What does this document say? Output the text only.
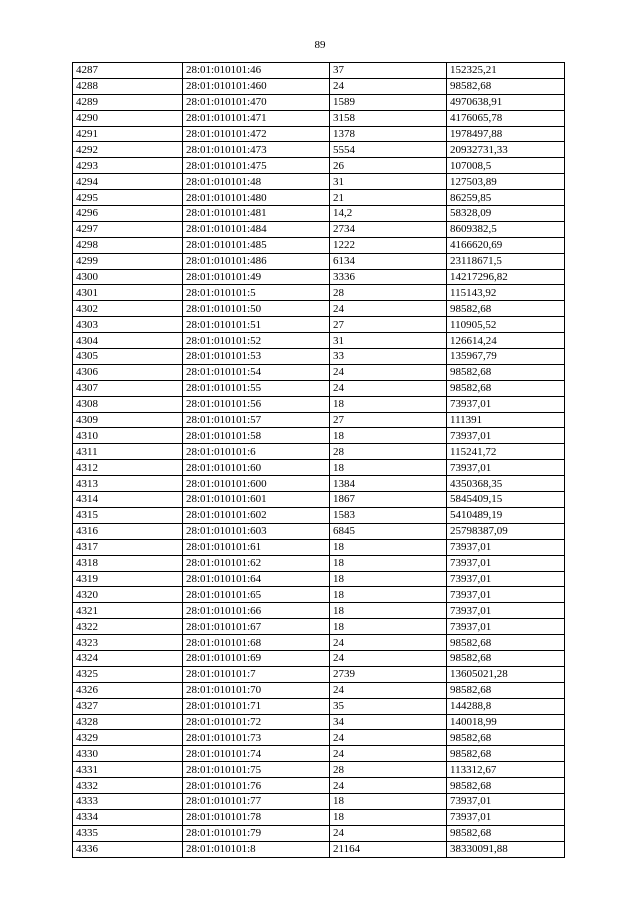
89
4287	28:01:010101:46	37	152325,21
4288	28:01:010101:460	24	98582,68
4289	28:01:010101:470	1589	4970638,91
4290	28:01:010101:471	3158	4176065,78
4291	28:01:010101:472	1378	1978497,88
4292	28:01:010101:473	5554	20932731,33
4293	28:01:010101:475	26	107008,5
4294	28:01:010101:48	31	127503,89
4295	28:01:010101:480	21	86259,85
4296	28:01:010101:481	14,2	58328,09
4297	28:01:010101:484	2734	8609382,5
4298	28:01:010101:485	1222	4166620,69
4299	28:01:010101:486	6134	23118671,5
4300	28:01:010101:49	3336	14217296,82
4301	28:01:010101:5	28	115143,92
4302	28:01:010101:50	24	98582,68
4303	28:01:010101:51	27	110905,52
4304	28:01:010101:52	31	126614,24
4305	28:01:010101:53	33	135967,79
4306	28:01:010101:54	24	98582,68
4307	28:01:010101:55	24	98582,68
4308	28:01:010101:56	18	73937,01
4309	28:01:010101:57	27	111391
4310	28:01:010101:58	18	73937,01
4311	28:01:010101:6	28	115241,72
4312	28:01:010101:60	18	73937,01
4313	28:01:010101:600	1384	4350368,35
4314	28:01:010101:601	1867	5845409,15
4315	28:01:010101:602	1583	5410489,19
4316	28:01:010101:603	6845	25798387,09
4317	28:01:010101:61	18	73937,01
4318	28:01:010101:62	18	73937,01
4319	28:01:010101:64	18	73937,01
4320	28:01:010101:65	18	73937,01
4321	28:01:010101:66	18	73937,01
4322	28:01:010101:67	18	73937,01
4323	28:01:010101:68	24	98582,68
4324	28:01:010101:69	24	98582,68
4325	28:01:010101:7	2739	13605021,28
4326	28:01:010101:70	24	98582,68
4327	28:01:010101:71	35	144288,8
4328	28:01:010101:72	34	140018,99
4329	28:01:010101:73	24	98582,68
4330	28:01:010101:74	24	98582,68
4331	28:01:010101:75	28	113312,67
4332	28:01:010101:76	24	98582,68
4333	28:01:010101:77	18	73937,01
4334	28:01:010101:78	18	73937,01
4335	28:01:010101:79	24	98582,68
4336	28:01:010101:8	21164	38330091,88
